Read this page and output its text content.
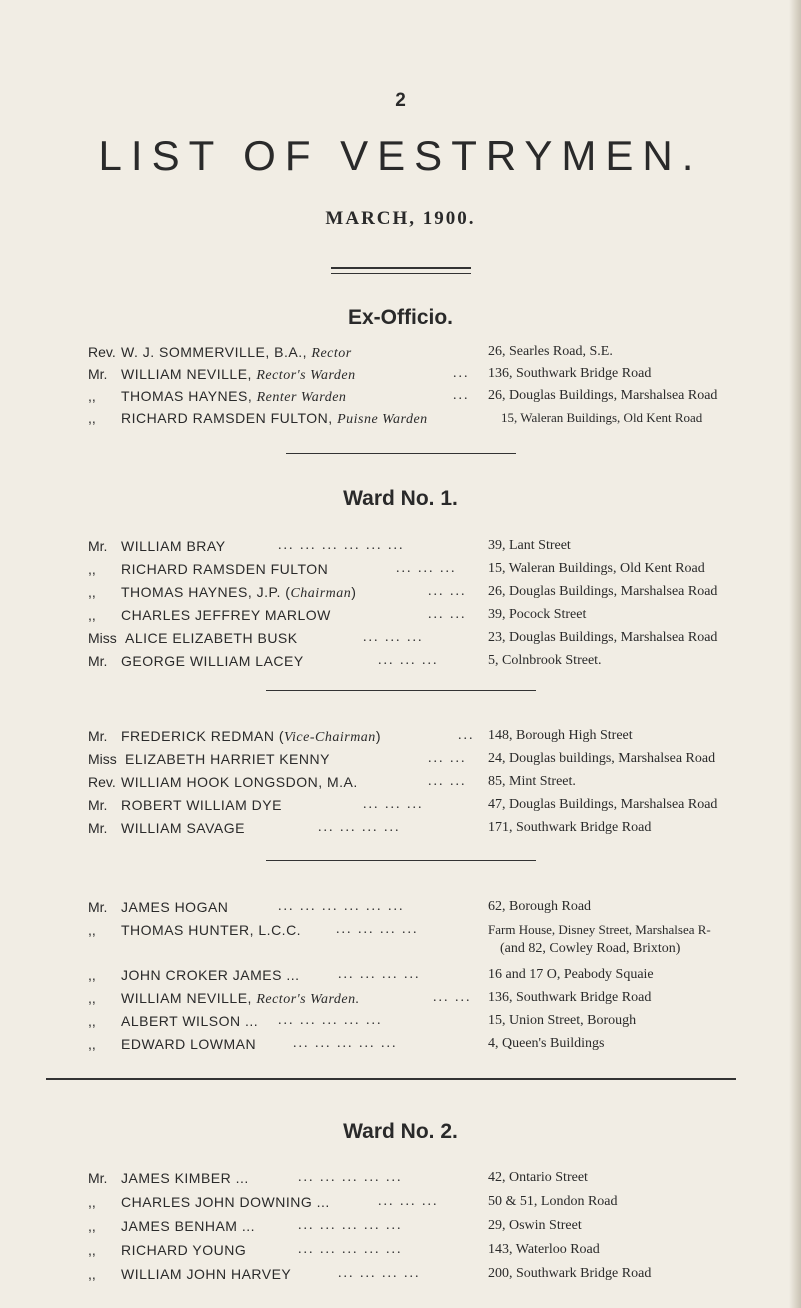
2
LIST OF VESTRYMEN.
MARCH, 1900.
Ex-Officio.
Rev. W. J. SOMMERVILLE, B.A., Rector	26, Searles Road, S.E.
Mr. WILLIAM NEVILLE, Rector's Warden	... 136, Southwark Bridge Road
,, THOMAS HAYNES, Renter Warden	... 26, Douglas Buildings, Marshalsea Road
,, RICHARD RAMSDEN FULTON, Puisne Warden	15, Waleran Buildings, Old Kent Road
Ward No. 1.
Mr. WILLIAM BRAY	... ... ... ... ... ...	39, Lant Street
,, RICHARD RAMSDEN FULTON	... ... ... 15, Waleran Buildings, Old Kent Road
,, THOMAS HAYNES, J.P. (Chairman)	... ... 26, Douglas Buildings, Marshalsea Road
,, CHARLES JEFFREY MARLOW	... ... 39, Pocock Street
Miss ALICE ELIZABETH BUSK	... ... ...	23, Douglas Buildings, Marshalsea Road
Mr. GEORGE WILLIAM LACEY	... ... ...	5, Colnbrook Street.
Mr. FREDERICK REDMAN (Vice-Chairman)	... 148, Borough High Street
Miss ELIZABETH HARRIET KENNY	... ... 24, Douglas buildings, Marshalsea Road
Rev. WILLIAM HOOK LONGSDON, M.A.	... ... 85, Mint Street.
Mr. ROBERT WILLIAM DYE	... ... ...	47, Douglas Buildings, Marshalsea Road
Mr. WILLIAM SAVAGE	... ... ... ...	171, Southwark Bridge Road
Mr. JAMES HOGAN	... ... ... ... ... ...	62, Borough Road
,, THOMAS HUNTER, L.C.C. ... ... ... ...	Farm House, Disney Street, Marshalsea R-
(and 82, Cowley Road, Brixton)
,, JOHN CROKER JAMES ...	... ... ... ...	16 and 17 O, Peabody Squaie
,, WILLIAM NEVILLE, Rector's Warden.	... ... 136, Southwark Bridge Road
,, ALBERT WILSON ... ... ... ... ... ...	15, Union Street, Borough
,, EDWARD LOWMAN	... ... ... ... ...	4, Queen's Buildings
Ward No. 2.
Mr. JAMES KIMBER ...	... ... ... ... ...	42, Ontario Street
,, CHARLES JOHN DOWNING ...	... ... ...	50 & 51, London Road
,, JAMES BENHAM ...	... ... ... ... ...	29, Oswin Street
,, RICHARD YOUNG	... ... ... ... ...	143, Waterloo Road
,, WILLIAM JOHN HARVEY	... ... ... ...	200, Southwark Bridge Road
